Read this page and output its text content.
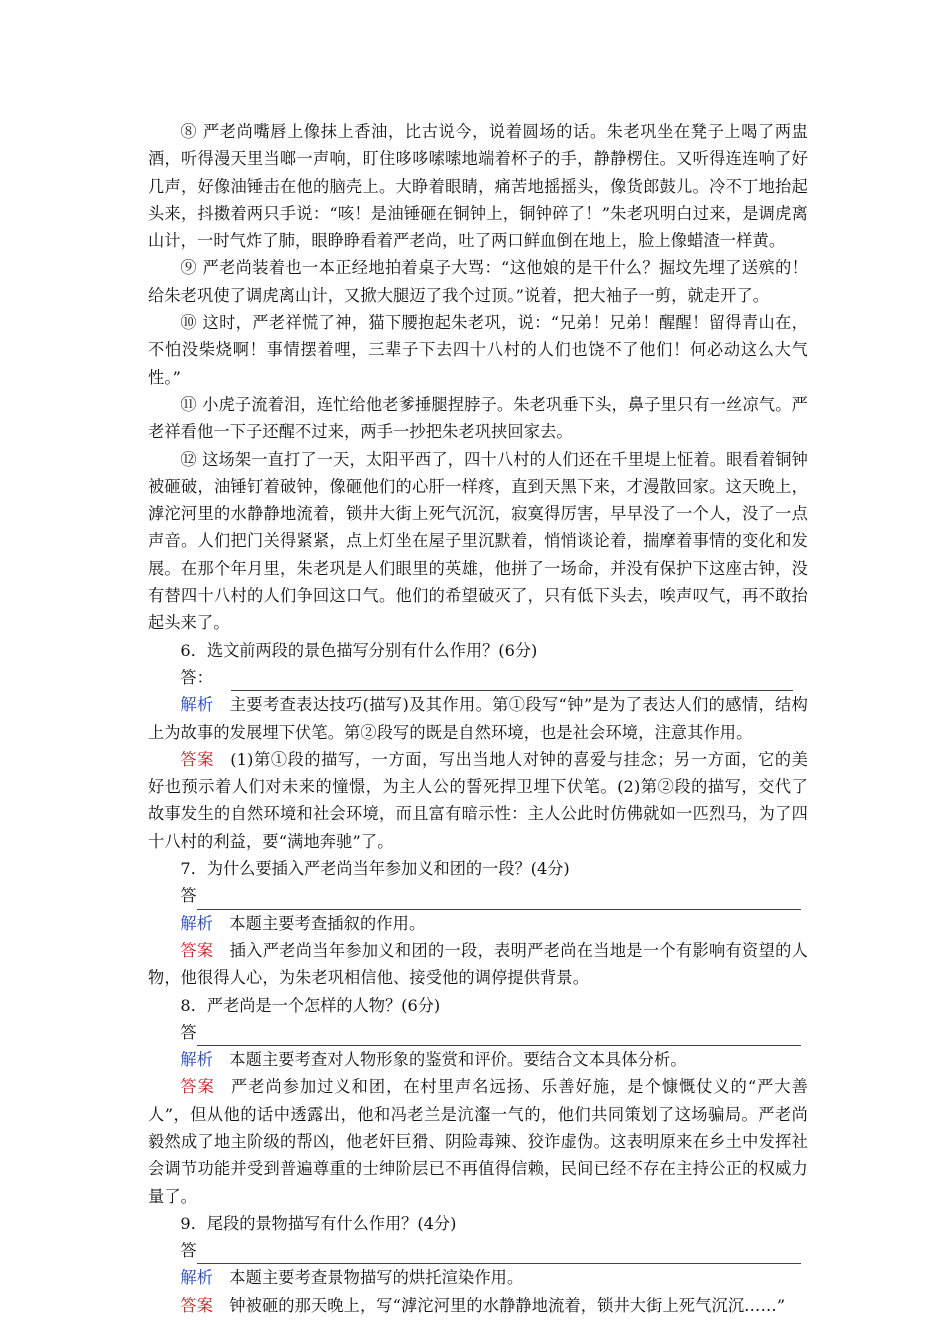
⑧ 严老尚嘴唇上像抹上香油，比古说今，说着圆场的话。朱老巩坐在凳子上喝了两盅酒，听得漫天里当啷一声响，盯住哆哆嗦嗦地端着杯子的手，静静楞住。又听得连连响了好几声，好像油锤击在他的脑壳上。大睁着眼睛，痛苦地摇摇头，像货郎鼓儿。冷不丁地抬起头来，抖擞着两只手说：“咳！是油锤砸在铜钟上，铜钟碎了！”朱老巩明白过来，是调虎离山计，一时气炸了肺，眼睁睁看着严老尚，吐了两口鲜血倒在地上，脸上像蜡渣一样黄。

⑨ 严老尚装着也一本正经地拍着桌子大骂：“这他娘的是干什么？掘坟先埋了送殡的！给朱老巩使了调虎离山计，又掀大腿迈了我个过顶。”说着，把大袖子一剪，就走开了。

⑩ 这时，严老祥慌了神，猫下腰抱起朱老巩，说：“兄弟！兄弟！醒醒！留得青山在，不怕没柴烧啊！事情摆着哩，三辈子下去四十八村的人们也饶不了他们！何必动这么大气性。”

⑪ 小虎子流着泪，连忙给他老爹捶腿捏脖子。朱老巩垂下头，鼻子里只有一丝凉气。严老祥看他一下子还醒不过来，两手一抄把朱老巩挟回家去。

⑫ 这场架一直打了一天，太阳平西了，四十八村的人们还在千里堤上怔着。眼看着铜钟被砸破，油锤钉着破钟，像砸他们的心肝一样疼，直到天黑下来，才漫散回家。这天晚上，滹沱河里的水静静地流着，锁井大街上死气沉沉，寂寞得厉害，早早没了一个人，没了一点声音。人们把门关得紧紧，点上灯坐在屋子里沉默着，悄悄谈论着，揣摩着事情的变化和发展。在那个年月里，朱老巩是人们眼里的英雄，他拼了一场命，并没有保护下这座古钟，没有替四十八村的人们争回这口气。他们的希望破灭了，只有低下头去，唉声叹气，再不敢抬起头来了。

6．选文前两段的景色描写分别有什么作用？(6分)

答：

解析 主要考查表达技巧(描写)及其作用。第①段写“钟”是为了表达人们的感情，结构上为故事的发展埋下伏笔。第②段写的既是自然环境，也是社会环境，注意其作用。

答案 (1)第①段的描写，一方面，写出当地人对钟的喜爱与挂念；另一方面，它的美好也预示着人们对未来的憧憬，为主人公的誓死捍卫埋下伏笔。(2)第②段的描写，交代了故事发生的自然环境和社会环境，而且富有暗示性：主人公此时仿佛就如一匹烈马，为了四十八村的利益，要“满地奔驰”了。

7．为什么要插入严老尚当年参加义和团的一段？(4分)

答

解析 本题主要考查插叙的作用。

答案 插入严老尚当年参加义和团的一段，表明严老尚在当地是一个有影响有资望的人物，他很得人心，为朱老巩相信他、接受他的调停提供背景。

8．严老尚是一个怎样的人物？(6分)

答

解析 本题主要考查对人物形象的鉴赏和评价。要结合文本具体分析。

答案 严老尚参加过义和团，在村里声名远扬、乐善好施，是个慷慨仗义的“严大善人”，但从他的话中透露出，他和冯老兰是沆瀣一气的，他们共同策划了这场骗局。严老尚毅然成了地主阶级的帮凶，他老奸巨猾、阴险毒辣、狡诈虚伪。这表明原来在乡土中发挥社会调节功能并受到普遍尊重的士绅阶层已不再值得信赖，民间已经不存在主持公正的权威力量了。

9．尾段的景物描写有什么作用？(4分)

答

解析 本题主要考查景物描写的烘托渲染作用。

答案 钟被砸的那天晚上，写“滹沱河里的水静静地流着，锁井大街上死气沉沉……”
